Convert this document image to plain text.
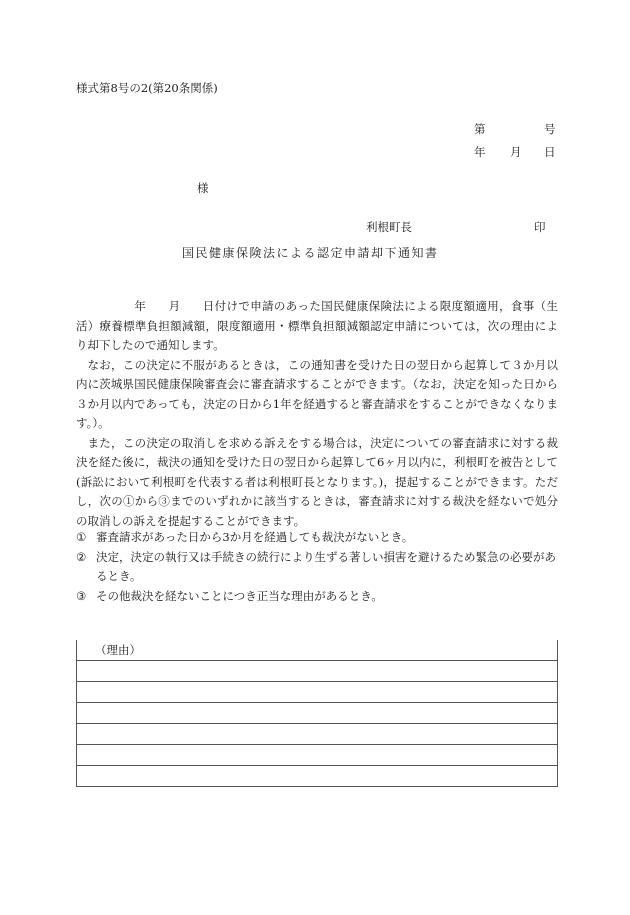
様式第8号の2(第20条関係)
第	号
年 月 日
様
利根町長	印
国民健康保険法による認定申請却下通知書

年 月 日付けで申請のあった国民健康保険法による限度額適用，食事（生活）療養標準負担額減額，限度額適用・標準負担額減額認定申請については，次の理由により却下したので通知します。

なお，この決定に不服があるときは，この通知書を受けた日の翌日から起算して３か月以内に茨城県国民健康保険審査会に審査請求することができます。（なお，決定を知った日から３か月以内であっても，決定の日から1年を経過すると審査請求をすることができなくなります。）。

また，この決定の取消しを求める訴えをする場合は，決定についての審査請求に対する裁決を経た後に，裁決の通知を受けた日の翌日から起算して6ヶ月以内に，利根町を被告として(訴訟において利根町を代表する者は利根町長となります。)，提起することができます。ただし，次の①から③までのいずれかに該当するときは，審査請求に対する裁決を経ないで処分の取消しの訴えを提起することができます。

① 審査請求があった日から3か月を経過しても裁決がないとき。
② 決定，決定の執行又は手続きの続行により生ずる著しい損害を避けるため緊急の必要があるとき。
③ その他裁決を経ないことにつき正当な理由があるとき。
（理由）
